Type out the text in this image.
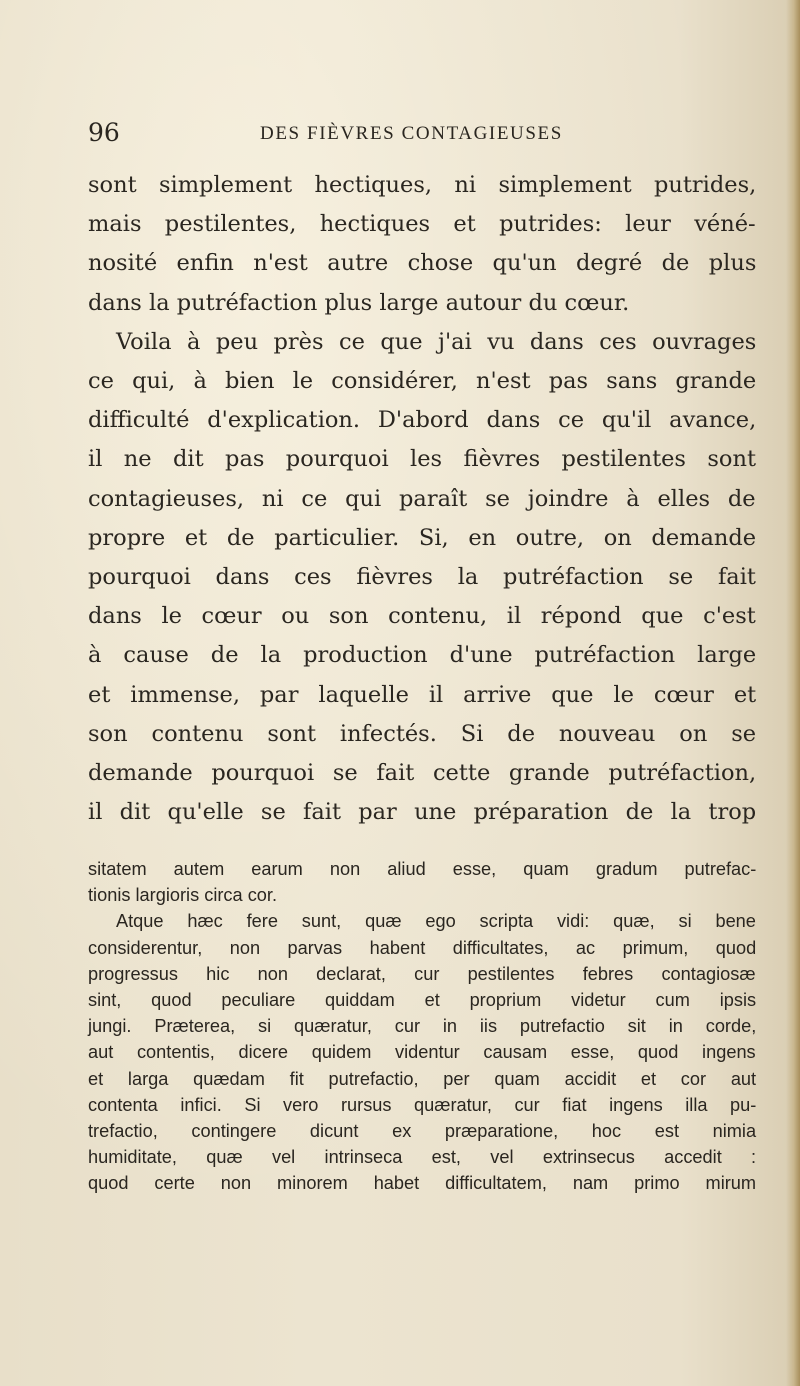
96	DES FIÈVRES CONTAGIEUSES

sont simplement hectiques, ni simplement putrides,
mais pestilentes, hectiques et putrides: leur véné-
nosité enfin n'est autre chose qu'un degré de plus
dans la putréfaction plus large autour du cœur.

Voila à peu près ce que j'ai vu dans ces ouvrages
ce qui, à bien le considérer, n'est pas sans grande
difficulté d'explication. D'abord dans ce qu'il avance,
il ne dit pas pourquoi les fièvres pestilentes sont
contagieuses, ni ce qui paraît se joindre à elles de
propre et de particulier. Si, en outre, on demande
pourquoi dans ces fièvres la putréfaction se fait
dans le cœur ou son contenu, il répond que c'est
à cause de la production d'une putréfaction large
et immense, par laquelle il arrive que le cœur et
son contenu sont infectés. Si de nouveau on se
demande pourquoi se fait cette grande putréfaction,
il dit qu'elle se fait par une préparation de la trop

sitatem autem earum non aliud esse, quam gradum putrefac-
tionis largioris circa cor.

Atque hæc fere sunt, quæ ego scripta vidi: quæ, si bene
considerentur, non parvas habent difficultates, ac primum, quod
progressus hic non declarat, cur pestilentes febres contagiosæ
sint, quod peculiare quiddam et proprium videtur cum ipsis
jungi. Præterea, si quæratur, cur in iis putrefactio sit in corde,
aut contentis, dicere quidem videntur causam esse, quod ingens
et larga quædam fit putrefactio, per quam accidit et cor aut
contenta infici. Si vero rursus quæratur, cur fiat ingens illa pu-
trefactio, contingere dicunt ex præparatione, hoc est nimia
humiditate, quæ vel intrinseca est, vel extrinsecus accedit :
quod certe non minorem habet difficultatem, nam primo mirum
